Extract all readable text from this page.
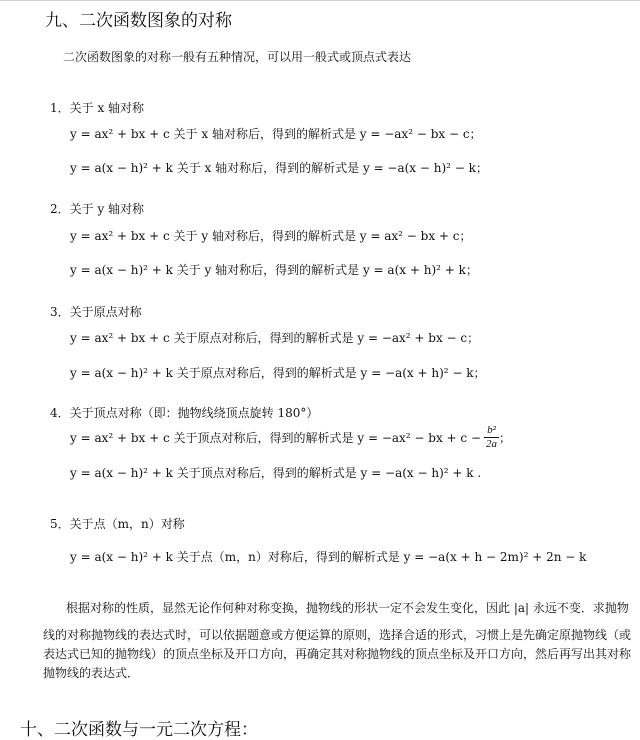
九、二次函数图象的对称
二次函数图象的对称一般有五种情况，可以用一般式或顶点式表达
1．关于 x 轴对称
y = ax² + bx + c 关于 x 轴对称后，得到的解析式是 y = −ax² − bx − c；
y = a(x − h)² + k 关于 x 轴对称后，得到的解析式是 y = −a(x − h)² − k；
2．关于 y 轴对称
y = ax² + bx + c 关于 y 轴对称后，得到的解析式是 y = ax² − bx + c；
y = a(x − h)² + k 关于 y 轴对称后，得到的解析式是 y = a(x + h)² + k；
3．关于原点对称
y = ax² + bx + c 关于原点对称后，得到的解析式是 y = −ax² + bx − c；
y = a(x − h)² + k 关于原点对称后，得到的解析式是 y = −a(x + h)² − k；
4．关于顶点对称（即：抛物线绕顶点旋转 180°）
y = ax² + bx + c 关于顶点对称后，得到的解析式是 y = −ax² − bx + $c - \frac{\text{b²}}{2a}$ ；
y = a(x − h)² + k 关于顶点对称后，得到的解析式是 y = −a(x − h)² + k .
5．关于点（m，n）对称
y = a(x − h)² + k 关于点（m，n）对称后，得到的解析式是 y = −a(x + h − 2m)² + 2n − k
根据对称的性质，显然无论作何种对称变换，抛物线的形状一定不会发生变化，因此 |a| 永远不变．求抛物
线的对称抛物线的表达式时，可以依据题意或方便运算的原则，选择合适的形式，习惯上是先确定原抛物线（或
表达式已知的抛物线）的顶点坐标及开口方向，再确定其对称抛物线的顶点坐标及开口方向，然后再写出其对称
抛物线的表达式．
十、二次函数与一元二次方程：
